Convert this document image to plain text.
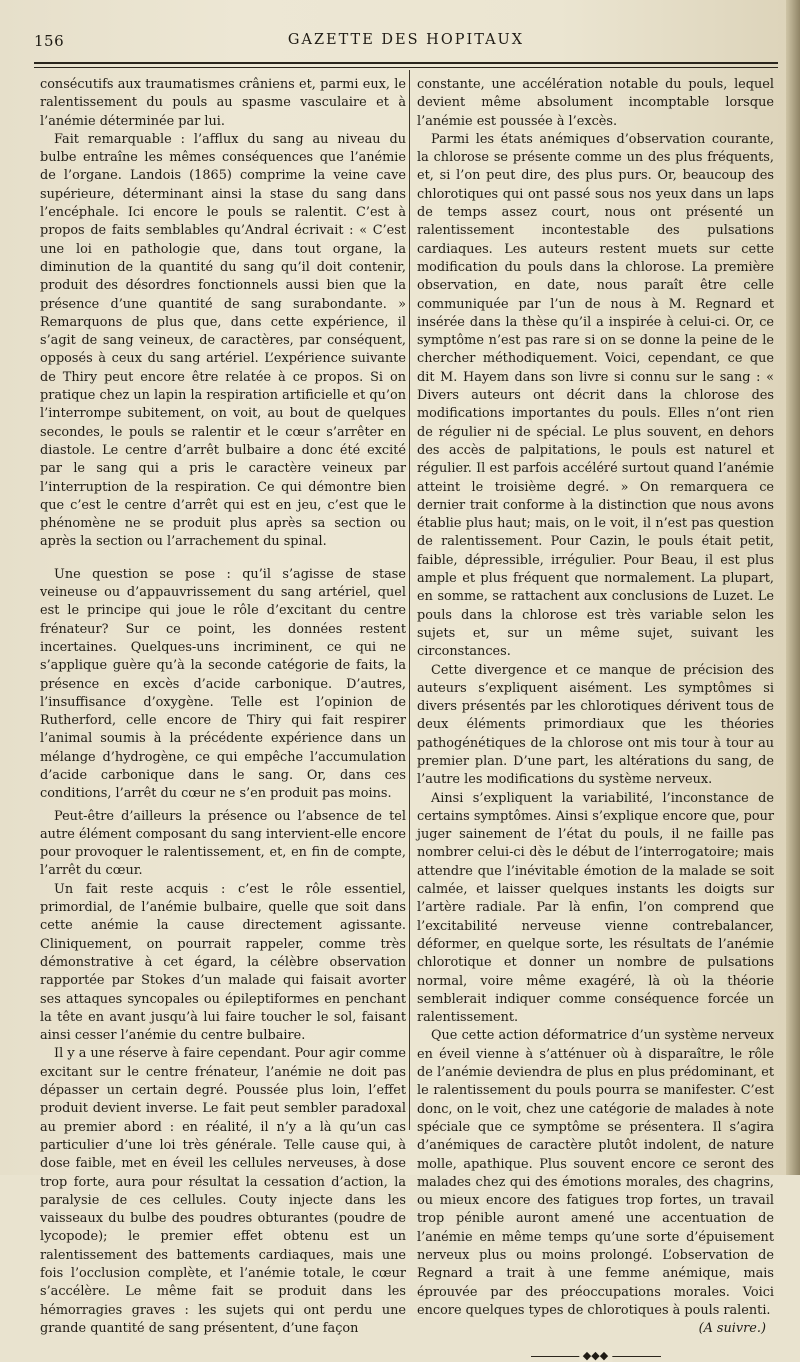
156	GAZETTE DES HOPITAUX

consécutifs aux traumatismes crâniens et, parmi eux, le ralentissement du pouls au spasme vasculaire et à l’anémie déterminée par lui.

Fait remarquable : l’afflux du sang au niveau du bulbe entraîne les mêmes conséquences que l’anémie de l’organe. Landois (1865) comprime la veine cave supérieure, déterminant ainsi la stase du sang dans l’encéphale. Ici encore le pouls se ralentit. C’est à propos de faits semblables qu’Andral écrivait : « C’est une loi en pathologie que, dans tout organe, la diminution de la quantité du sang qu’il doit contenir, produit des désordres fonctionnels aussi bien que la présence d’une quantité de sang surabondante. » Remarquons de plus que, dans cette expérience, il s’agit de sang veineux, de caractères, par conséquent, opposés à ceux du sang artériel. L’expérience suivante de Thiry peut encore être relatée à ce propos. Si on pratique chez un lapin la respiration artificielle et qu’on l’interrompe subitement, on voit, au bout de quelques secondes, le pouls se ralentir et le cœur s’arrêter en diastole. Le centre d’arrêt bulbaire a donc été excité par le sang qui a pris le caractère veineux par l’interruption de la respiration. Ce qui démontre bien que c’est le centre d’arrêt qui est en jeu, c’est que le phénomène ne se produit plus après sa section ou après la section ou l’arrachement du spinal.

Une question se pose : qu’il s’agisse de stase veineuse ou d’appauvrissement du sang artériel, quel est le principe qui joue le rôle d’excitant du centre frénateur? Sur ce point, les données restent incertaines. Quelques-uns incriminent, ce qui ne s’applique guère qu’à la seconde catégorie de faits, la présence en excès d’acide carbonique. D’autres, l’insuffisance d’oxygène. Telle est l’opinion de Rutherford, celle encore de Thiry qui fait respirer l’animal soumis à la précédente expérience dans un mélange d’hydrogène, ce qui empêche l’accumulation d’acide carbonique dans le sang. Or, dans ces conditions, l’arrêt du cœur ne s’en produit pas moins.

Peut-être d’ailleurs la présence ou l’absence de tel autre élément composant du sang intervient-elle encore pour provoquer le ralentissement, et, en fin de compte, l’arrêt du cœur.

Un fait reste acquis : c’est le rôle essentiel, primordial, de l’anémie bulbaire, quelle que soit dans cette anémie la cause directement agissante. Cliniquement, on pourrait rappeler, comme très démonstrative à cet égard, la célèbre observation rapportée par Stokes d’un malade qui faisait avorter ses attaques syncopales ou épileptiformes en penchant la tête en avant jusqu’à lui faire toucher le sol, faisant ainsi cesser l’anémie du centre bulbaire.

Il y a une réserve à faire cependant. Pour agir comme excitant sur le centre frénateur, l’anémie ne doit pas dépasser un certain degré. Poussée plus loin, l’effet produit devient inverse. Le fait peut sembler paradoxal au premier abord : en réalité, il n’y a là qu’un cas particulier d’une loi très générale. Telle cause qui, à dose faible, met en éveil les cellules nerveuses, à dose trop forte, aura pour résultat la cessation d’action, la paralysie de ces cellules. Couty injecte dans les vaisseaux du bulbe des poudres obturantes (poudre de lycopode); le premier effet obtenu est un ralentissement des battements cardiaques, mais une fois l’occlusion complète, et l’anémie totale, le cœur s’accélère. Le même fait se produit dans les hémorragies graves : les sujets qui ont perdu une grande quantité de sang présentent, d’une façon

constante, une accélération notable du pouls, lequel devient même absolument incomptable lorsque l’anémie est poussée à l’excès.

Parmi les états anémiques d’observation courante, la chlorose se présente comme un des plus fréquents, et, si l’on peut dire, des plus purs. Or, beaucoup des chlorotiques qui ont passé sous nos yeux dans un laps de temps assez court, nous ont présenté un ralentissement incontestable des pulsations cardiaques. Les auteurs restent muets sur cette modification du pouls dans la chlorose. La première observation, en date, nous paraît être celle communiquée par l’un de nous à M. Regnard et insérée dans la thèse qu’il a inspirée à celui-ci. Or, ce symptôme n’est pas rare si on se donne la peine de le chercher méthodiquement. Voici, cependant, ce que dit M. Hayem dans son livre si connu sur le sang : « Divers auteurs ont décrit dans la chlorose des modifications importantes du pouls. Elles n’ont rien de régulier ni de spécial. Le plus souvent, en dehors des accès de palpitations, le pouls est naturel et régulier. Il est parfois accéléré surtout quand l’anémie atteint le troisième degré. » On remarquera ce dernier trait conforme à la distinction que nous avons établie plus haut; mais, on le voit, il n’est pas question de ralentissement. Pour Cazin, le pouls était petit, faible, dépressible, irrégulier. Pour Beau, il est plus ample et plus fréquent que normalement. La plupart, en somme, se rattachent aux conclusions de Luzet. Le pouls dans la chlorose est très variable selon les sujets et, sur un même sujet, suivant les circonstances.

Cette divergence et ce manque de précision des auteurs s’expliquent aisément. Les symptômes si divers présentés par les chlorotiques dérivent tous de deux éléments primordiaux que les théories pathogénétiques de la chlorose ont mis tour à tour au premier plan. D’une part, les altérations du sang, de l’autre les modifications du système nerveux.

Ainsi s’expliquent la variabilité, l’inconstance de certains symptômes. Ainsi s’explique encore que, pour juger sainement de l’état du pouls, il ne faille pas nombrer celui-ci dès le début de l’interrogatoire; mais attendre que l’inévitable émotion de la malade se soit calmée, et laisser quelques instants les doigts sur l’artère radiale. Par là enfin, l’on comprend que l’excitabilité nerveuse vienne contrebalancer, déformer, en quelque sorte, les résultats de l’anémie chlorotique et donner un nombre de pulsations normal, voire même exagéré, là où la théorie semblerait indiquer comme conséquence forcée un ralentissement.

Que cette action déformatrice d’un système nerveux en éveil vienne à s’atténuer où à disparaître, le rôle de l’anémie deviendra de plus en plus prédominant, et le ralentissement du pouls pourra se manifester. C’est donc, on le voit, chez une catégorie de malades à note spéciale que ce symptôme se présentera. Il s’agira d’anémiques de caractère plutôt indolent, de nature molle, apathique. Plus souvent encore ce seront des malades chez qui des émotions morales, des chagrins, ou mieux encore des fatigues trop fortes, un travail trop pénible auront amené une accentuation de l’anémie en même temps qu’une sorte d’épuisement nerveux plus ou moins prolongé. L’observation de Regnard a trait à une femme anémique, mais éprouvée par des préoccupations morales. Voici encore quelques types de chlorotiques à pouls ralenti.

(A suivre.)

◆◆◆
